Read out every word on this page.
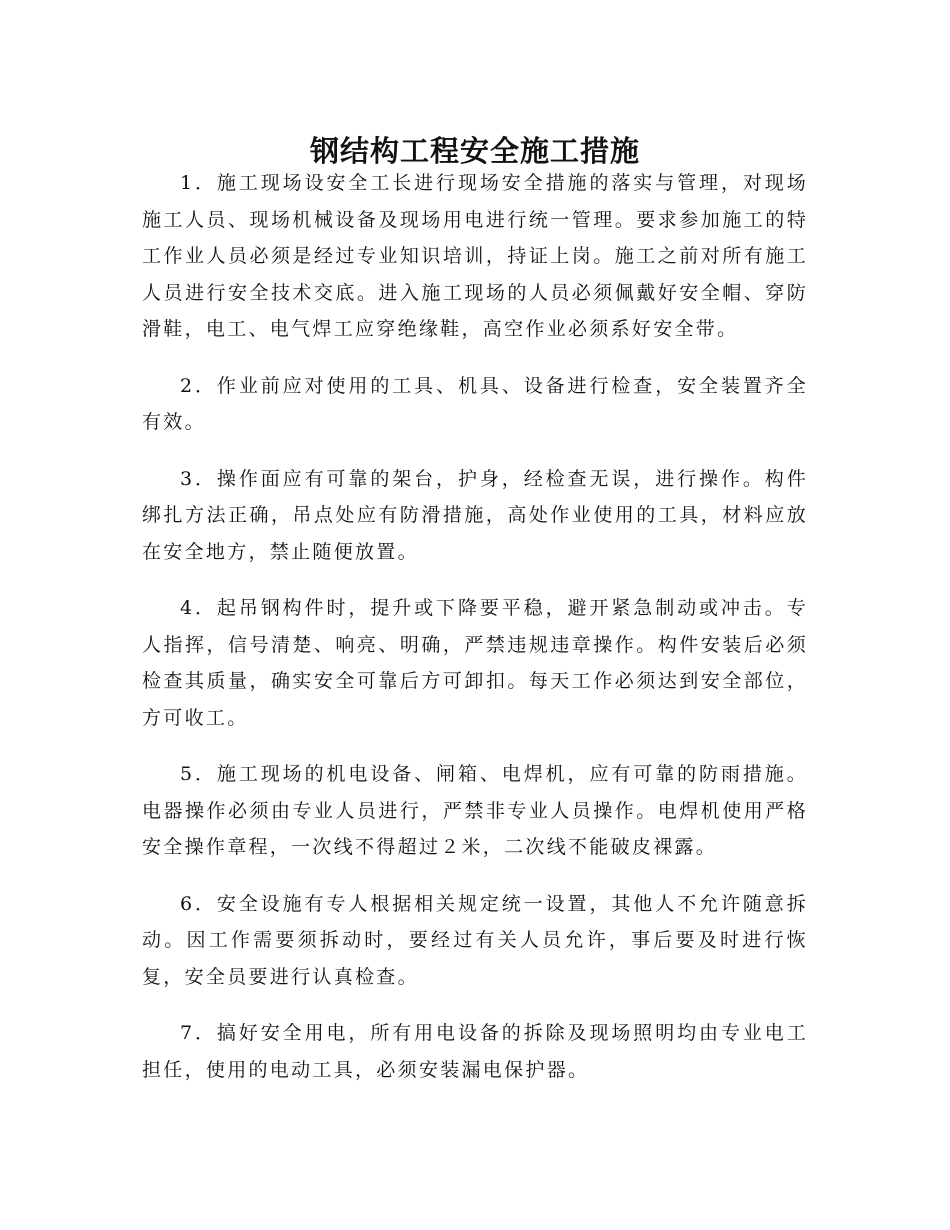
钢结构工程安全施工措施

1．施工现场设安全工长进行现场安全措施的落实与管理，对现场施工人员、现场机械设备及现场用电进行统一管理。要求参加施工的特工作业人员必须是经过专业知识培训，持证上岗。施工之前对所有施工人员进行安全技术交底。进入施工现场的人员必须佩戴好安全帽、穿防滑鞋，电工、电气焊工应穿绝缘鞋，高空作业必须系好安全带。

2．作业前应对使用的工具、机具、设备进行检查，安全装置齐全有效。

3．操作面应有可靠的架台，护身，经检查无误，进行操作。构件绑扎方法正确，吊点处应有防滑措施，高处作业使用的工具，材料应放在安全地方，禁止随便放置。

4．起吊钢构件时，提升或下降要平稳，避开紧急制动或冲击。专人指挥，信号清楚、响亮、明确，严禁违规违章操作。构件安装后必须检查其质量，确实安全可靠后方可卸扣。每天工作必须达到安全部位，方可收工。

5．施工现场的机电设备、闸箱、电焊机，应有可靠的防雨措施。电器操作必须由专业人员进行，严禁非专业人员操作。电焊机使用严格安全操作章程，一次线不得超过２米，二次线不能破皮裸露。

6．安全设施有专人根据相关规定统一设置，其他人不允许随意拆动。因工作需要须拆动时，要经过有关人员允许，事后要及时进行恢复，安全员要进行认真检查。

7．搞好安全用电，所有用电设备的拆除及现场照明均由专业电工担任，使用的电动工具，必须安装漏电保护器。
